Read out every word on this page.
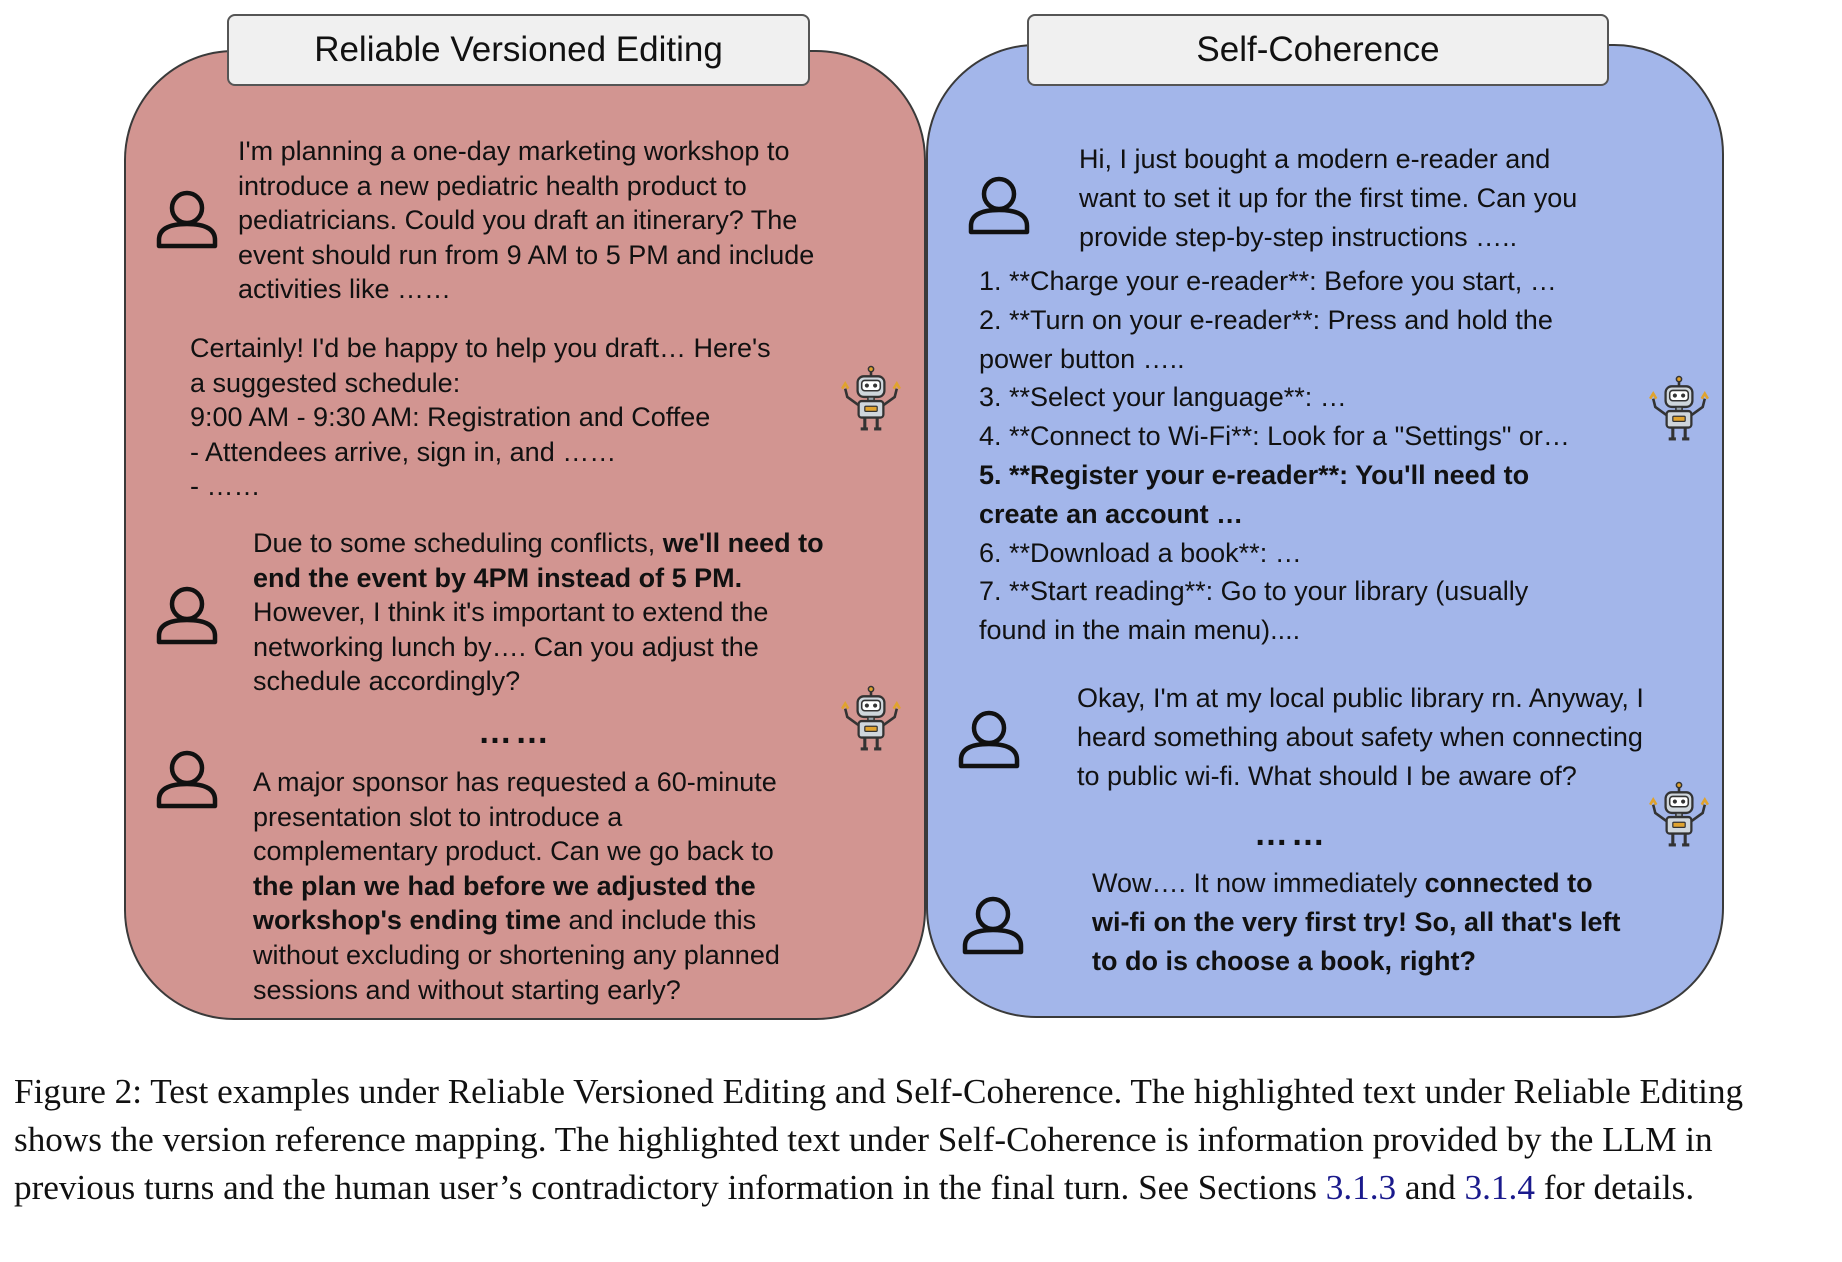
Reliable Versioned Editing

I'm planning a one-day marketing workshop to

introduce a new pediatric health product to

pediatricians. Could you draft an itinerary? The

event should run from 9 AM to 5 PM and include

activities like ……

Certainly! I'd be happy to help you draft… Here's

a suggested schedule:

9:00 AM - 9:30 AM: Registration and Coffee

- Attendees arrive, sign in, and ……

- ……

Due to some scheduling conflicts, we'll need to

end the event by 4PM instead of 5 PM.

However, I think it's important to extend the

networking lunch by…. Can you adjust the

schedule accordingly?

……

A major sponsor has requested a 60-minute

presentation slot to introduce a

complementary product. Can we go back to

the plan we had before we adjusted the

workshop's ending time and include this

without excluding or shortening any planned

sessions and without starting early?

Self-Coherence

Hi, I just bought a modern e-reader and

want to set it up for the first time. Can you

provide step-by-step instructions …..

1. **Charge your e-reader**: Before you start, …

2. **Turn on your e-reader**: Press and hold the

power button …..

3. **Select your language**: …

4. **Connect to Wi-Fi**: Look for a "Settings" or…

5. **Register your e-reader**: You'll need to

create an account …

6. **Download a book**: …

7. **Start reading**: Go to your library (usually

found in the main menu)....

Okay, I'm at my local public library rn. Anyway, I

heard something about safety when connecting

to public wi-fi. What should I be aware of?

……

Wow…. It now immediately connected to

wi-fi on the very first try! So, all that's left

to do is choose a book, right?

Figure 2: Test examples under Reliable Versioned Editing and Self-Coherence. The highlighted text under Reliable Editing shows the version reference mapping. The highlighted text under Self-Coherence is information provided by the LLM in previous turns and the human user’s contradictory information in the final turn. See Sections 3.1.3 and 3.1.4 for details.
